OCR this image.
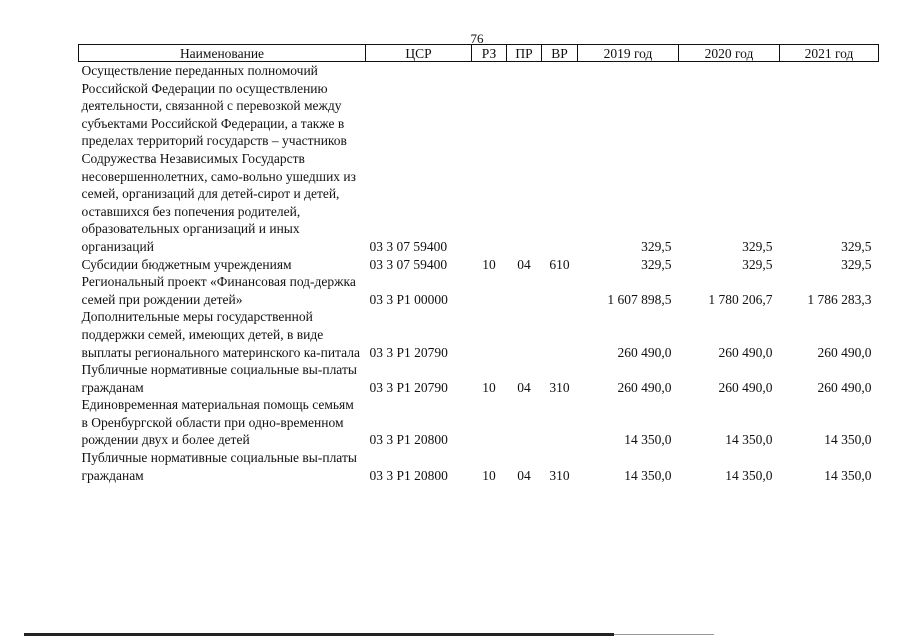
76
Наименование	ЦСР	РЗ	ПР	ВР	2019 год	2020 год	2021 год
Осуществление переданных полномочий Российской Федерации по осуществлению деятельности, связанной с перевозкой между субъектами Российской Федерации, а также в пределах территорий государств – участников Содружества Независимых Государств несовершеннолетних, само-вольно ушедших из семей, организаций для детей-сирот и детей, оставшихся без попечения родителей, образовательных организаций и иных организаций	03 3 07 59400				329,5	329,5	329,5
Субсидии бюджетным учреждениям	03 3 07 59400	10	04	610	329,5	329,5	329,5
Региональный проект «Финансовая под-держка семей при рождении детей»	03 3 P1 00000				1 607 898,5	1 780 206,7	1 786 283,3
Дополнительные меры государственной поддержки семей, имеющих детей, в виде выплаты регионального материнского ка-питала	03 3 P1 20790				260 490,0	260 490,0	260 490,0
Публичные нормативные социальные вы-платы гражданам	03 3 P1 20790	10	04	310	260 490,0	260 490,0	260 490,0
Единовременная материальная помощь семьям в Оренбургской области при одно-временном рождении двух и более детей	03 3 P1 20800				14 350,0	14 350,0	14 350,0
Публичные нормативные социальные вы-платы гражданам	03 3 P1 20800	10	04	310	14 350,0	14 350,0	14 350,0
